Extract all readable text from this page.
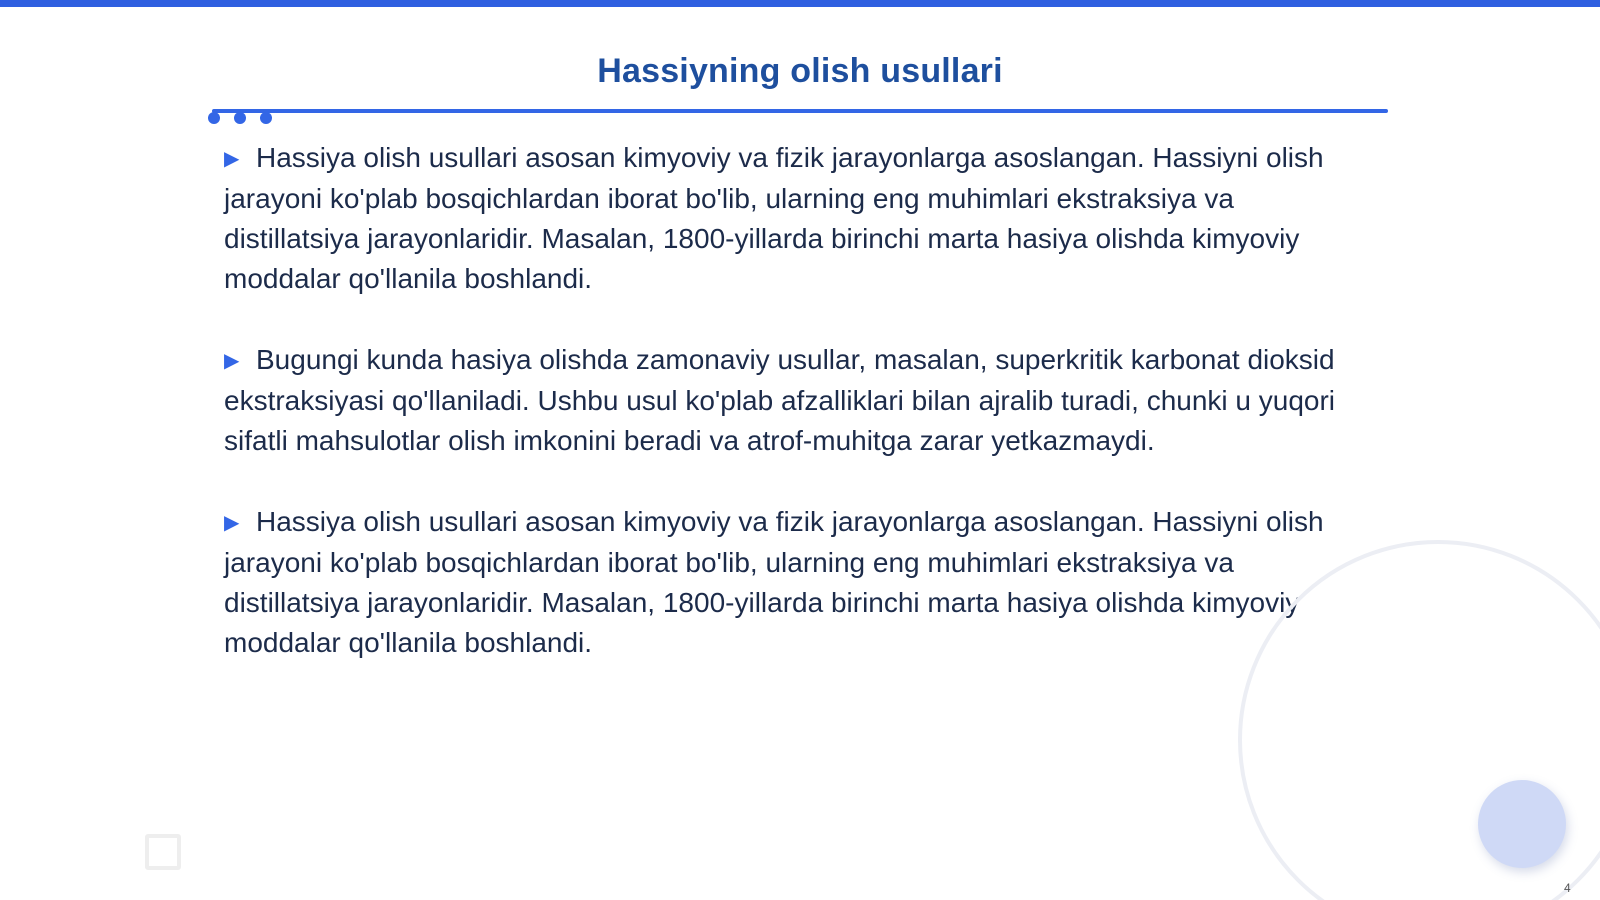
Hassiyning olish usullari

▶ Hassiya olish usullari asosan kimyoviy va fizik jarayonlarga asoslangan. Hassiyni olish jarayoni ko'plab bosqichlardan iborat bo'lib, ularning eng muhimlari ekstraksiya va distillatsiya jarayonlaridir. Masalan, 1800-yillarda birinchi marta hasiya olishda kimyoviy moddalar qo'llanila boshlandi.

▶ Bugungi kunda hasiya olishda zamonaviy usullar, masalan, superkritik karbonat dioksid ekstraksiyasi qo'llaniladi. Ushbu usul ko'plab afzalliklari bilan ajralib turadi, chunki u yuqori sifatli mahsulotlar olish imkonini beradi va atrof-muhitga zarar yetkazmaydi.

▶ Hassiya olish usullari asosan kimyoviy va fizik jarayonlarga asoslangan. Hassiyni olish jarayoni ko'plab bosqichlardan iborat bo'lib, ularning eng muhimlari ekstraksiya va distillatsiya jarayonlaridir. Masalan, 1800-yillarda birinchi marta hasiya olishda kimyoviy moddalar qo'llanila boshlandi.

4
